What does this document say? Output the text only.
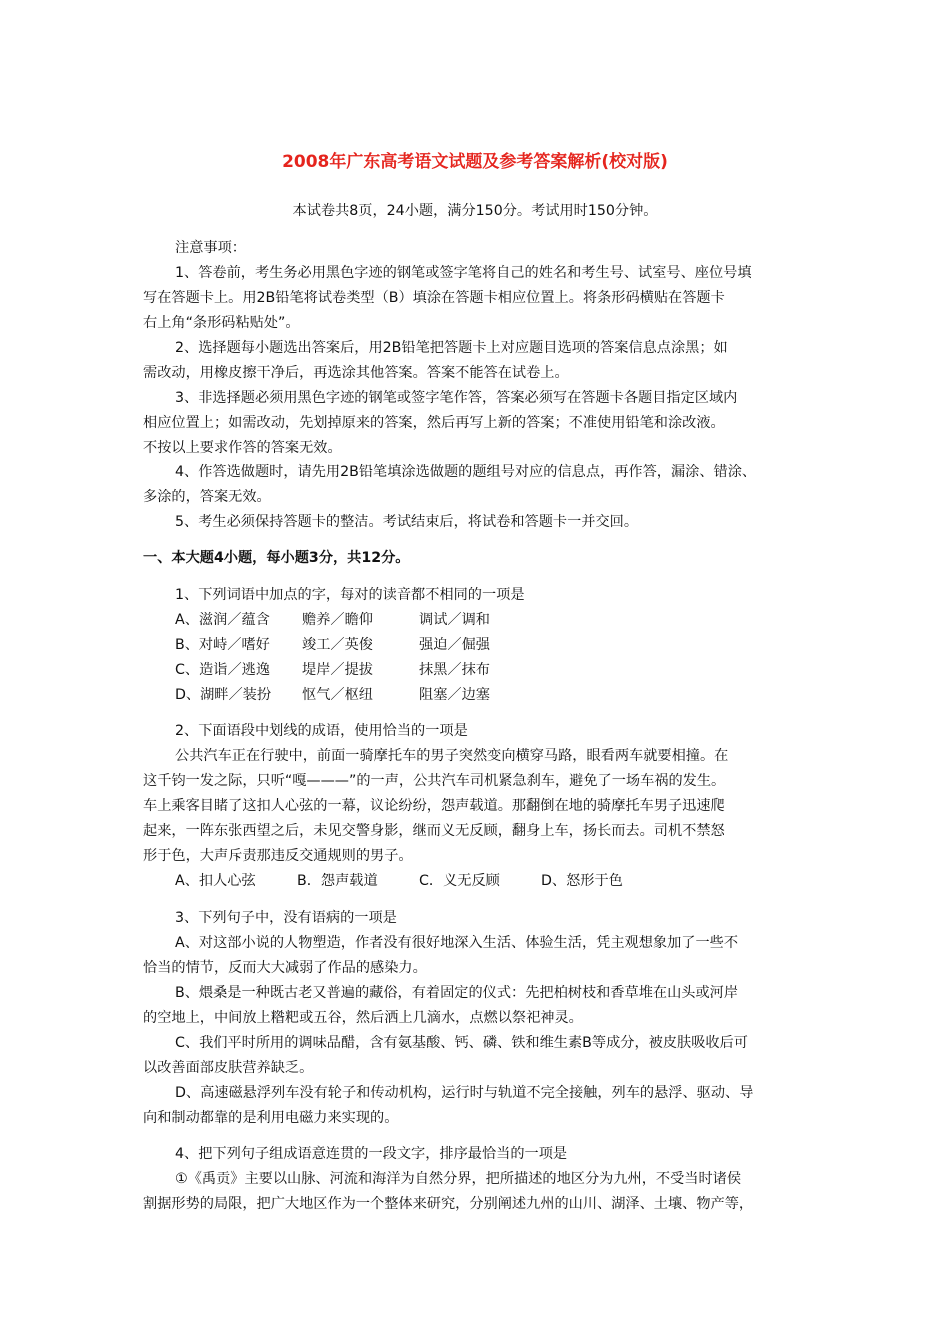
2008年广东高考语文试题及参考答案解析(校对版)
本试卷共8页，24小题，满分150分。考试用时150分钟。
注意事项：
1、答卷前，考生务必用黑色字迹的钢笔或签字笔将自己的姓名和考生号、试室号、座位号填
写在答题卡上。用2B铅笔将试卷类型（B）填涂在答题卡相应位置上。将条形码横贴在答题卡
右上角“条形码粘贴处”。
2、选择题每小题选出答案后，用2B铅笔把答题卡上对应题目选项的答案信息点涂黑；如
需改动，用橡皮擦干净后，再选涂其他答案。答案不能答在试卷上。
3、非选择题必须用黑色字迹的钢笔或签字笔作答，答案必须写在答题卡各题目指定区域内
相应位置上；如需改动，先划掉原来的答案，然后再写上新的答案；不准使用铅笔和涂改液。
不按以上要求作答的答案无效。
4、作答选做题时，请先用2B铅笔填涂选做题的题组号对应的信息点，再作答，漏涂、错涂、
多涂的，答案无效。
5、考生必须保持答题卡的整洁。考试结束后，将试卷和答题卡一并交回。
一、本大题4小题，每小题3分，共12分。
1、下列词语中加点的字，每对的读音都不相同的一项是
A、滋润／蕴含 赡养／瞻仰	调试／调和
B、对峙／嗜好 竣工／英俊	强迫／倔强
C、造诣／逃逸 堤岸／提拔	抹黑／抹布
D、湖畔／装扮 怄气／枢纽	阻塞／边塞
2、下面语段中划线的成语，使用恰当的一项是
公共汽车正在行驶中，前面一骑摩托车的男子突然变向横穿马路，眼看两车就要相撞。在
这千钧一发之际，只听“嘎———”的一声，公共汽车司机紧急刹车，避免了一场车祸的发生。
车上乘客目睹了这扣人心弦的一幕，议论纷纷，怨声载道。那翻倒在地的骑摩托车男子迅速爬
起来，一阵东张西望之后，未见交警身影，继而义无反顾，翻身上车，扬长而去。司机不禁怒
形于色，大声斥责那违反交通规则的男子。
A、扣人心弦	B．怨声载道	C．义无反顾	D、怒形于色
3、下列句子中，没有语病的一项是
A、对这部小说的人物塑造，作者没有很好地深入生活、体验生活，凭主观想象加了一些不
恰当的情节，反而大大减弱了作品的感染力。
B、煨桑是一种既古老又普遍的藏俗，有着固定的仪式：先把柏树枝和香草堆在山头或河岸
的空地上，中间放上糌粑或五谷，然后洒上几滴水，点燃以祭祀神灵。
C、我们平时所用的调味品醋，含有氨基酸、钙、磷、铁和维生素B等成分，被皮肤吸收后可
以改善面部皮肤营养缺乏。
D、高速磁悬浮列车没有轮子和传动机构，运行时与轨道不完全接触，列车的悬浮、驱动、导
向和制动都靠的是利用电磁力来实现的。
4、把下列句子组成语意连贯的一段文字，排序最恰当的一项是
①《禹贡》主要以山脉、河流和海洋为自然分界，把所描述的地区分为九州，不受当时诸侯
割据形势的局限，把广大地区作为一个整体来研究，分别阐述九州的山川、湖泽、土壤、物产等，
